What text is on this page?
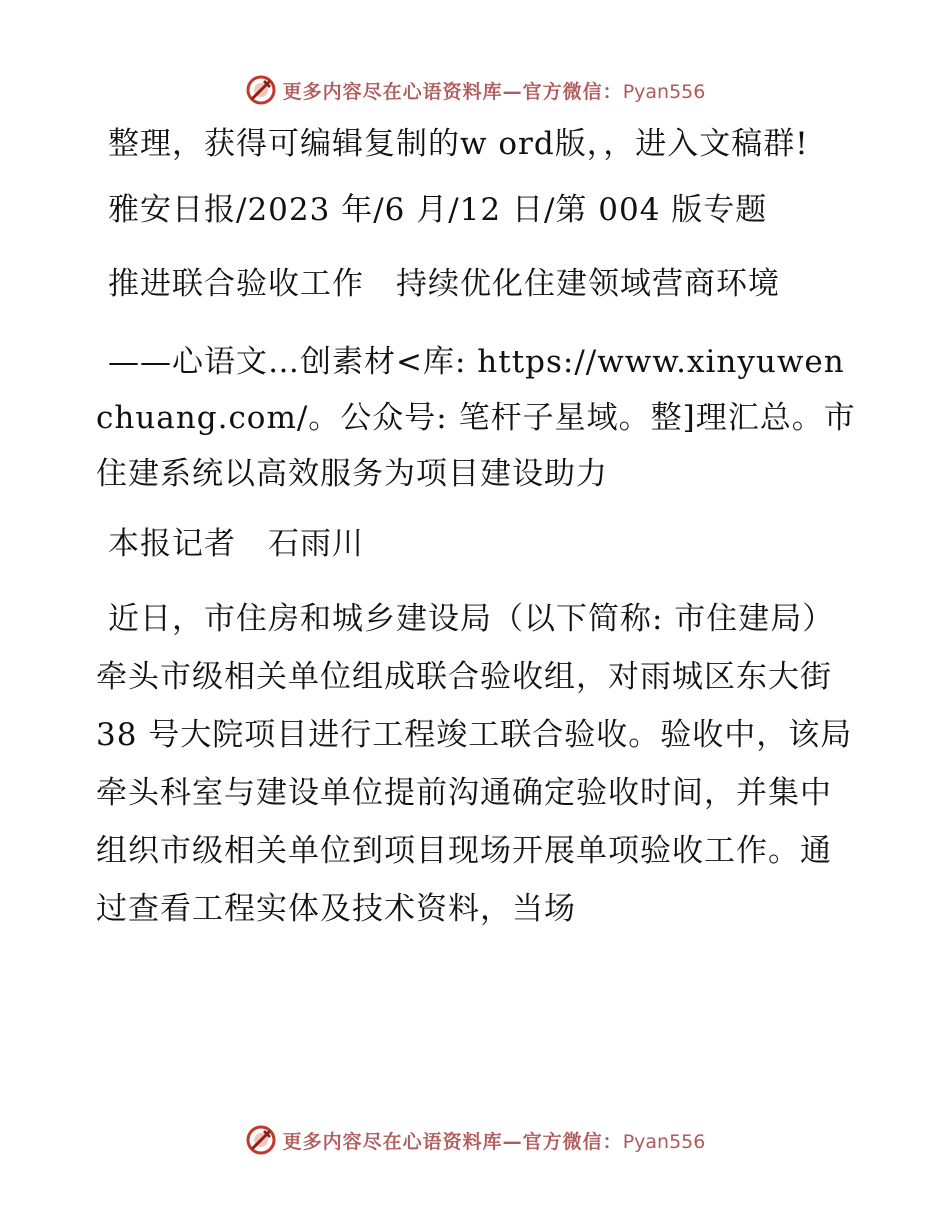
更多内容尽在心语资料库—官方微信：Pyan556

整理，获得可编辑复制的w ord版，，进入文稿群!

雅安日报/2023 年/6 月/12 日/第 004 版专题

推进联合验收工作　持续优化住建领域营商环境

——心语文…创素材<库: https://www.xinyuwenchuang.com/。公众号: 笔杆子星域。整]理汇总。市住建系统以高效服务为项目建设助力

本报记者　石雨川

近日，市住房和城乡建设局（以下简称: 市住建局）牵头市级相关单位组成联合验收组，对雨城区东大街 38 号大院项目进行工程竣工联合验收。验收中，该局牵头科室与建设单位提前沟通确定验收时间，并集中组织市级相关单位到项目现场开展单项验收工作。通过查看工程实体及技术资料，当场

更多内容尽在心语资料库—官方微信：Pyan556
